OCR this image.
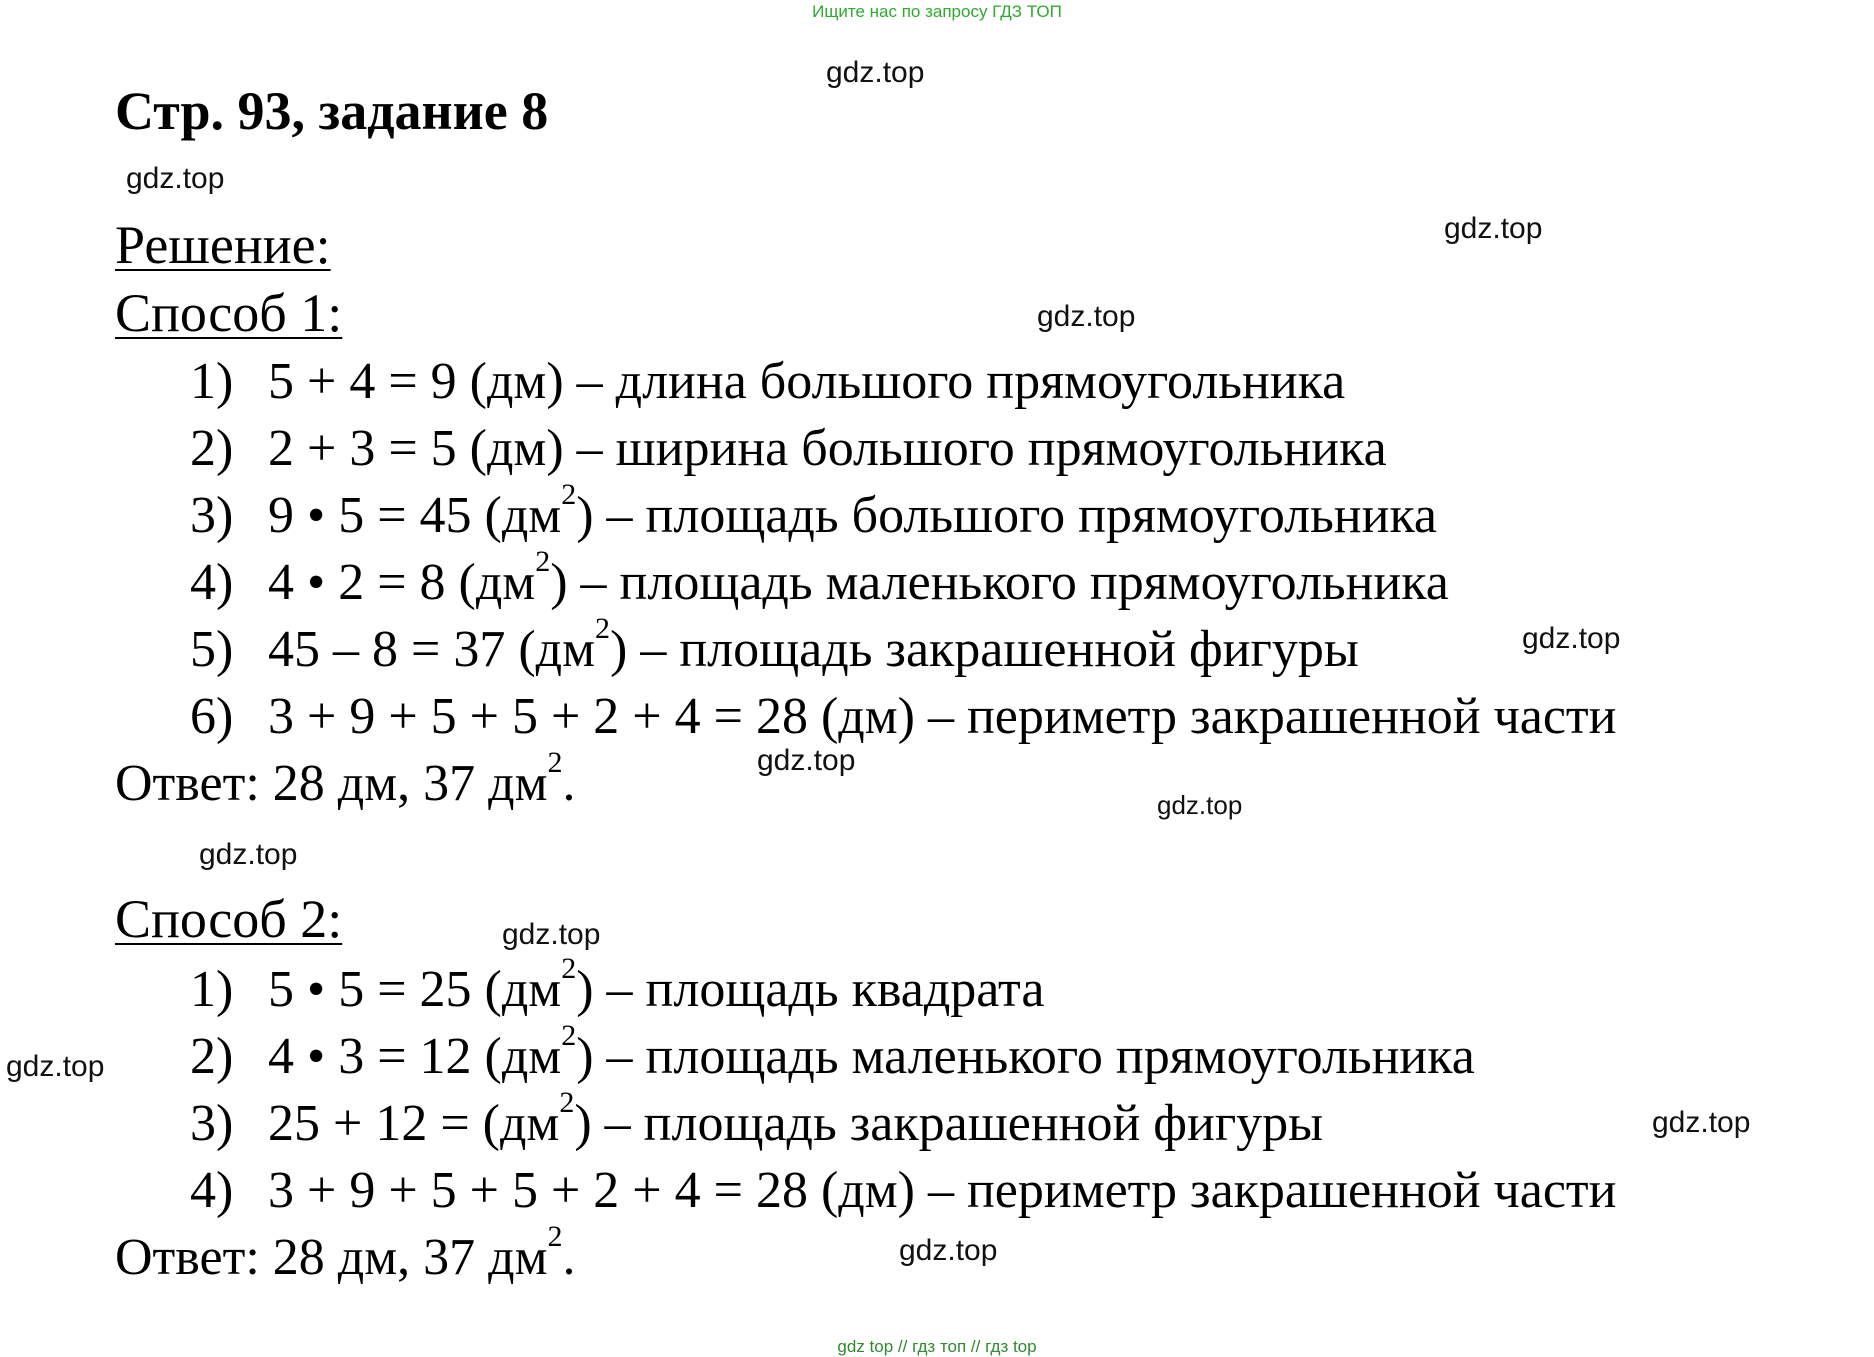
Ищите нас по запросу ГДЗ ТОП
Стр. 93, задание 8
Решение:
Способ 1:
1) 5 + 4 = 9 (дм) – длина большого прямоугольника
2) 2 + 3 = 5 (дм) – ширина большого прямоугольника
3) 9 • 5 = 45 $(дм^2)$ – площадь большого прямоугольника
4) 4 • 2 = 8 $(дм^2)$ – площадь маленького прямоугольника
5) 45 – 8 = 37 $(дм^2)$ – площадь закрашенной фигуры
6) 3 + 9 + 5 + 5 + 2 + 4 = 28 (дм) – периметр закрашенной части
Ответ: 28 дм, 37 $дм^2$.
Способ 2:
1) 5 • 5 = 25 $(дм^2)$ – площадь квадрата
2) 4 • 3 = 12 $(дм^2)$ – площадь маленького прямоугольника
3) $25 + 12 = (дм^2)$ – площадь закрашенной фигуры
4) 3 + 9 + 5 + 5 + 2 + 4 = 28 (дм) – периметр закрашенной части
Ответ: 28 дм, 37 $дм^2$.
gdz.top
gdz.top
gdz.top
gdz.top
gdz.top
gdz.top
gdz.top
gdz.top
gdz.top
gdz.top
gdz.top
gdz.top
gdz top // гдз топ // гдз top
